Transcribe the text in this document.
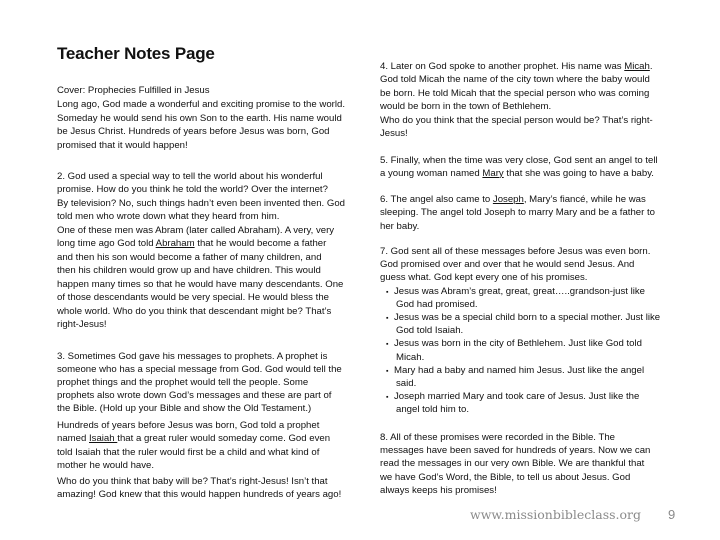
Teacher Notes Page
Cover: Prophecies Fulfilled in Jesus
Long ago, God made a wonderful and exciting promise to the world.
Someday he would send his own Son to the earth. His name would
be Jesus Christ. Hundreds of years before Jesus was born, God
promised that it would happen!
2. God used a special way to tell the world about his wonderful
promise. How do you think he told the world? Over the internet?
By television? No, such things hadn’t even been invented then. God
told men who wrote down what they heard from him.
One of these men was Abram (later called Abraham). A very, very
long time ago God told Abraham that he would become a father
and then his son would become a father of many children, and
then his children would grow up and have children. This would
happen many times so that he would have many descendants. One
of those descendants would be very special. He would bless the
whole world. Who do you think that descendant might be? That’s
right-Jesus!
3. Sometimes God gave his messages to prophets. A prophet is
someone who has a special message from God. God would tell the
prophet things and the prophet would tell the people. Some
prophets also wrote down God’s messages and these are part of
the Bible. (Hold up your Bible and show the Old Testament.)
Hundreds of years before Jesus was born, God told a prophet
named Isaiah that a great ruler would someday come. God even
told Isaiah that the ruler would first be a child and what kind of
mother he would have.
Who do you think that baby will be? That’s right-Jesus! Isn’t that
amazing! God knew that this would happen hundreds of years ago!
4. Later on God spoke to another prophet. His name was Micah.
God told Micah the name of the city town where the baby would
be born. He told Micah that the special person who was coming
would be born in the town of Bethlehem.
Who do you think that the special person would be? That’s right-
Jesus!
5. Finally, when the time was very close, God sent an angel to tell
a young woman named Mary that she was going to have a baby.
6. The angel also came to Joseph, Mary’s fiancé, while he was
sleeping. The angel told Joseph to marry Mary and be a father to
her baby.
7. God sent all of these messages before Jesus was even born.
God promised over and over that he would send Jesus. And
guess what. God kept every one of his promises.
▪ Jesus was Abram’s great, great, great…..grandson-just like
God had promised.
▪ Jesus was be a special child born to a special mother. Just like
God told Isaiah.
▪ Jesus was born in the city of Bethlehem. Just like God told
Micah.
▪ Mary had a baby and named him Jesus. Just like the angel
said.
▪ Joseph married Mary and took care of Jesus. Just like the
angel told him to.
8. All of these promises were recorded in the Bible. The
messages have been saved for hundreds of years. Now we can
read the messages in our very own Bible. We are thankful that
we have God’s Word, the Bible, to tell us about Jesus. God
always keeps his promises!
www.missionbibleclass.org 9
